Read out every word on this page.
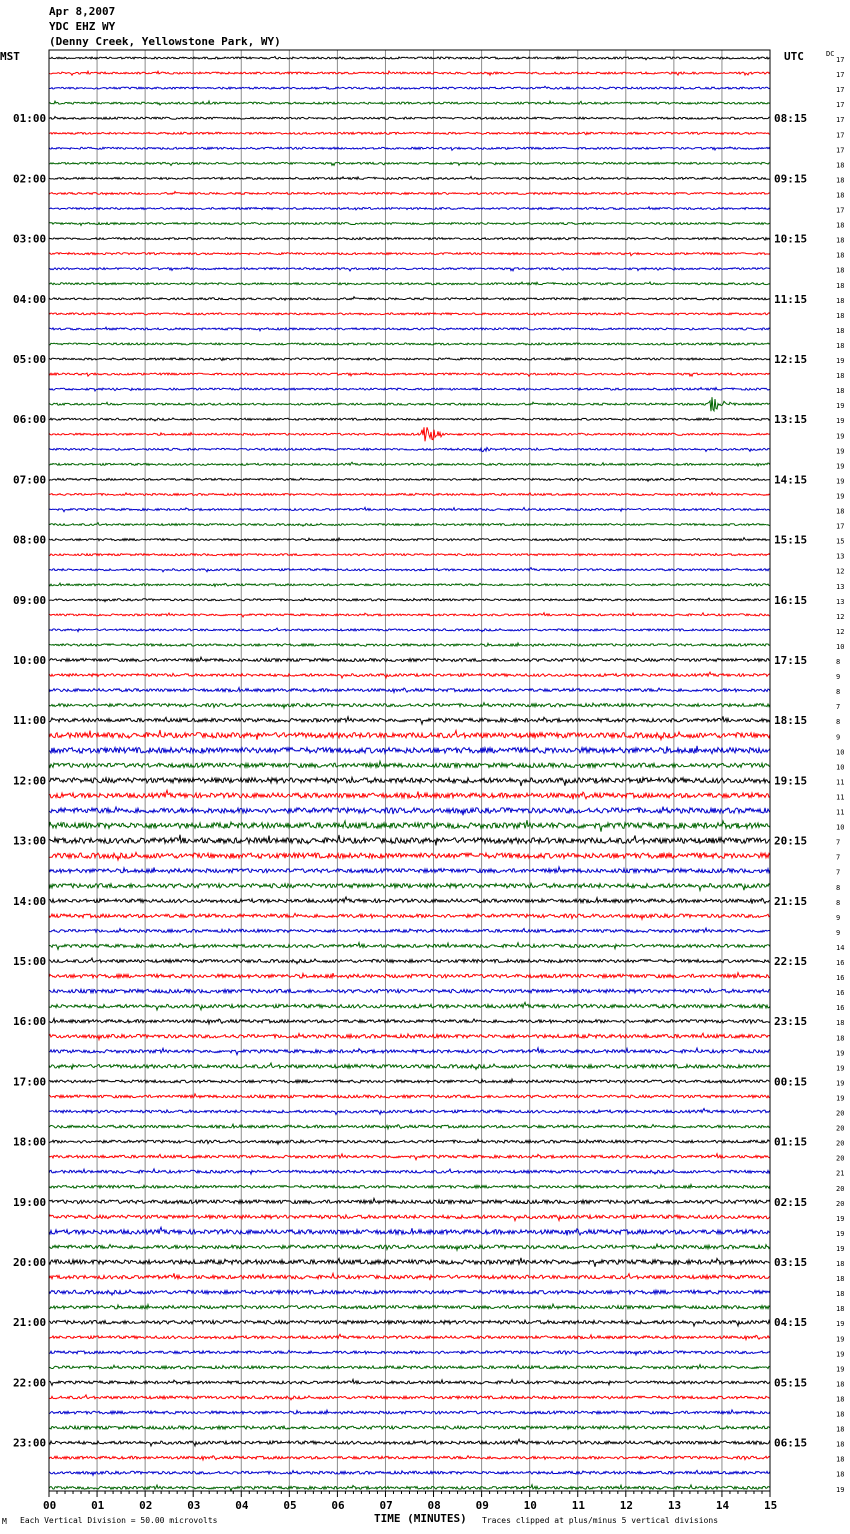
Apr 8,2007
YDC EHZ WY
(Denny Creek, Yellowstone Park, WY)
00	01	02	03	04	05	06	07	08	09	10	11	12	13	14	15
17
17
17
17
17
01:00	08:15
17
17
18
18
02:00	09:15
18
17
18
18
03:00	10:15
18
18
18
18
04:00	11:15
18
18
18
19
05:00	12:15
18
18
19
19
06:00	13:15
19
19
19
19
07:00	14:15
19
18
17
15
08:00	15:15
13
12
13
13
09:00	16:15
12
12
10
8
10:00	17:15
9
8
7
8
11:00	18:15
9
10
10
11
12:00	19:15
11
11
10
7
13:00	20:15
7
7
8
8
14:00	21:15
9
9
14
16
15:00	22:15
16
16
16
18
16:00	23:15
18
19
19
19
17:00	00:15
19
20
20
20
18:00	01:15
20
21
20
20
19:00	02:15
19
19
19
18
20:00	03:15
18
18
18
19
21:00	04:15
19
19
19
18
22:00	05:15
18
18
18
18
23:00	06:15
18
18
19
MST	UTC	DC
TIME (MINUTES)
M Each Vertical Division = 50.00 microvolts	Traces clipped at plus/minus 5 vertical divisions
